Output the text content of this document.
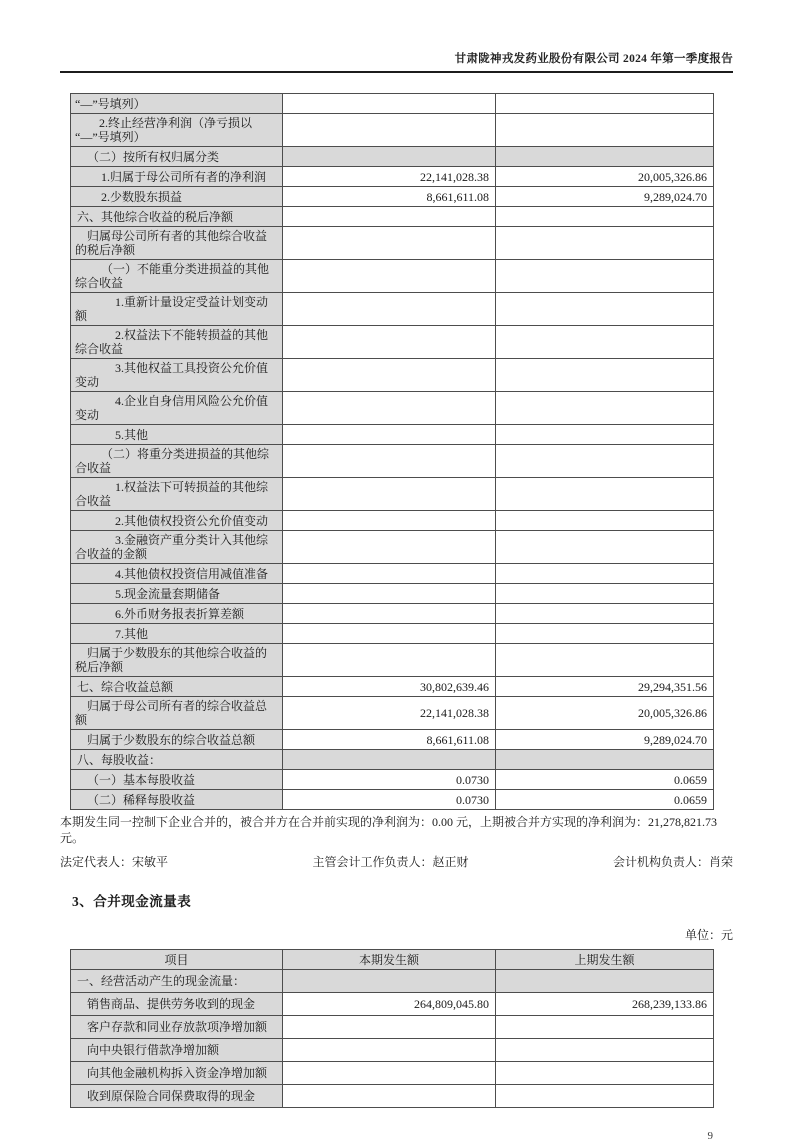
甘肃陇神戎发药业股份有限公司 2024 年第一季度报告
“—”号填列）		

2.终止经营净利润（净亏损以
“—”号填列）		

（二）按所有权归属分类		

1.归属于母公司所有者的净利润	22,141,028.38	20,005,326.86

2.少数股东损益	8,661,611.08	9,289,024.70

六、其他综合收益的税后净额		

归属母公司所有者的其他综合收益
的税后净额		

（一）不能重分类进损益的其他
综合收益		

1.重新计量设定受益计划变动
额		

2.权益法下不能转损益的其他
综合收益		

3.其他权益工具投资公允价值
变动		

4.企业自身信用风险公允价值
变动		

5.其他		

（二）将重分类进损益的其他综
合收益		

1.权益法下可转损益的其他综
合收益		

2.其他债权投资公允价值变动		

3.金融资产重分类计入其他综
合收益的金额		

4.其他债权投资信用减值准备		

5.现金流量套期储备		

6.外币财务报表折算差额		

7.其他		

归属于少数股东的其他综合收益的
税后净额		

七、综合收益总额	30,802,639.46	29,294,351.56

归属于母公司所有者的综合收益总
额	22,141,028.38	20,005,326.86

归属于少数股东的综合收益总额	8,661,611.08	9,289,024.70

八、每股收益：		

（一）基本每股收益	0.0730	0.0659

（二）稀释每股收益	0.0730	0.0659

本期发生同一控制下企业合并的，被合并方在合并前实现的净利润为：0.00 元，上期被合并方实现的净利润为：21,278,821.73 元。

法定代表人：宋敏平	主管会计工作负责人：赵正财	会计机构负责人：肖荣
3、合并现金流量表
单位：元
项目	本期发生额	上期发生额

一、经营活动产生的现金流量：		

销售商品、提供劳务收到的现金	264,809,045.80	268,239,133.86

客户存款和同业存放款项净增加额		

向中央银行借款净增加额		

向其他金融机构拆入资金净增加额		

收到原保险合同保费取得的现金		

9
